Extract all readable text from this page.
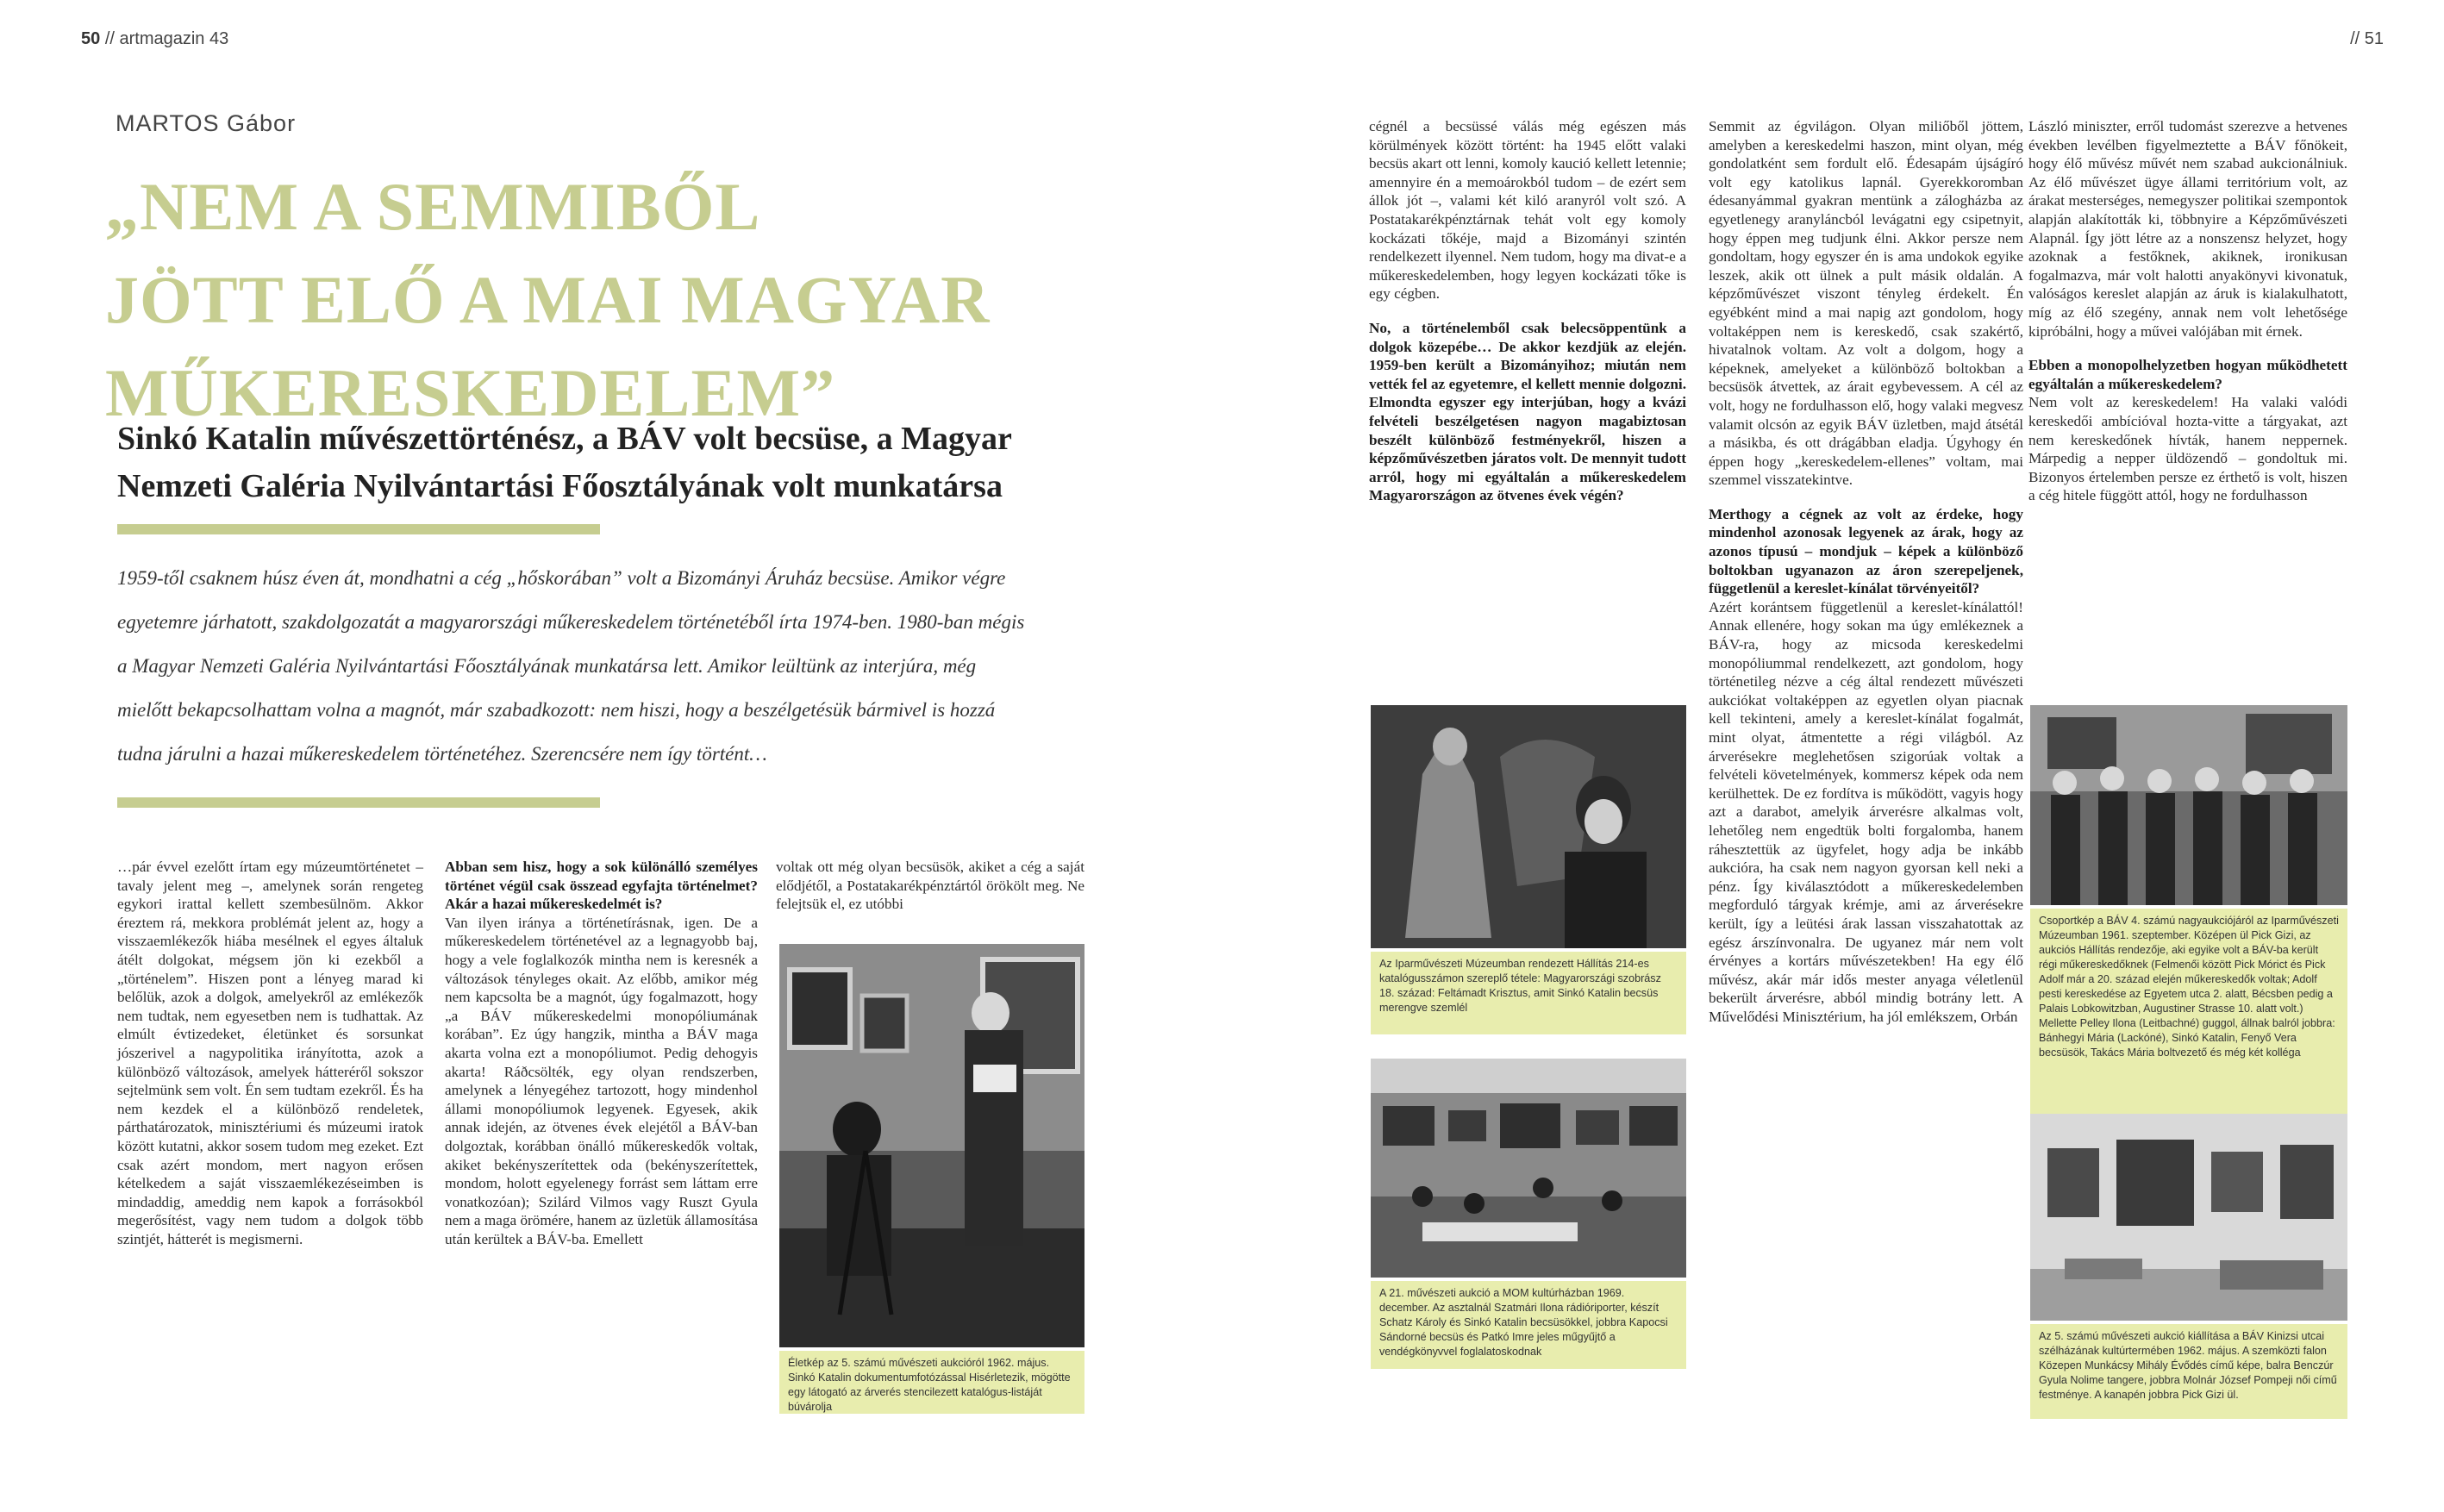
50 // artmagazin 43
MARTOS Gábor
„NEM A SEMMIBŐL
JÖTT ELŐ A MAI MAGYAR
MŰKERESKEDELEM”
Sinkó Katalin művészettörténész, a BÁV volt becsüse, a Magyar Nemzeti Galéria Nyilvántartási Főosztályának volt munkatársa
1959-től csaknem húsz éven át, mondhatni a cég „hőskorában” volt a Bizományi Áruház becsüse. Amikor végre egyetemre járhatott, szakdolgozatát a magyarországi műkereskedelem történetéből írta 1974-ben. 1980-ban mégis a Magyar Nemzeti Galéria Nyilvántartási Főosztályának munkatársa lett. Amikor leültünk az interjúra, még mielőtt bekapcsolhattam volna a magnót, már szabadkozott: nem hiszi, hogy a beszélgetésük bármivel is hozzá tudna járulni a hazai műkereskedelem történetéhez. Szerencsére nem így történt…

…pár évvel ezelőtt írtam egy múzeumtörténetet – tavaly jelent meg –, amelynek során rengeteg egykori irattal kellett szembesülnöm. Akkor éreztem rá, mekkora problémát jelent az, hogy a visszaemlékezők hiába mesélnek el egyes általuk átélt dolgokat, mégsem jön ki ezekből a „történelem”. Hiszen pont a lényeg marad ki belőlük, azok a dolgok, amelyekről az emlékezők nem tudtak, nem egyesetben nem is tudhattak. Az elmúlt évtizedeket, életünket és sorsunkat jószerivel a nagypolitika irányította, azok a különböző változások, amelyek hátteréről sokszor sejtelmünk sem volt. Én sem tudtam ezekről. És ha nem kezdek el a különböző rendeletek, párthatározatok, minisztériumi és múzeumi iratok között kutatni, akkor sosem tudom meg ezeket. Ezt csak azért mondom, mert nagyon erősen kételkedem a saját visszaemlékezéseimben is mindaddig, ameddig nem kapok a forrásokból megerősítést, vagy nem tudom a dolgok több szintjét, hátterét is megismerni.

Abban sem hisz, hogy a sok különálló személyes történet végül csak összead egyfajta történelmet? Akár a hazai műkereskedelmét is?

Van ilyen iránya a történetírásnak, igen. De a műkereskedelem történetével az a legnagyobb baj, hogy a vele foglalkozók mintha nem is keresnék a változások tényleges okait. Az előbb, amikor még nem kapcsolta be a magnót, úgy fogalmazott, hogy „a BÁV műkereskedelmi monopóliumának korában”. Ez úgy hangzik, mintha a BÁV maga akarta volna ezt a monopóliumot. Pedig dehogyis akarta! Ráðcsölték, egy olyan rendszerben, amelynek a lényegéhez tartozott, hogy mindenhol állami monopóliumok legyenek. Egyesek, akik annak idején, az ötvenes évek elejétől a BÁV-ban dolgoztak, korábban önálló műkereskedők voltak, akiket bekényszerítettek oda (bekényszerítettek, mondom, holott egyelenegy forrást sem láttam erre vonatkozóan); Szilárd Vilmos vagy Ruszt Gyula nem a maga örömére, hanem az üzletük államosítása után kerültek a BÁV-ba. Emellett

voltak ott még olyan becsüsök, akiket a cég a saját elődjétől, a Postatakarékpénztártól örökölt meg. Ne felejtsük el, ez utóbbi

Életkép az 5. számú művészeti aukcióról 1962. május. Sinkó Katalin dokumentumfotózással Hisérletezik, mögötte egy látogató az árverés stencilezett katalógus-listáját búvárolja
// 51

cégnél a becsüssé válás még egészen más körülmények között történt: ha 1945 előtt valaki becsüs akart ott lenni, komoly kaució kellett letennie; amennyire én a memoárokból tudom – de ezért sem állok jót –, valami két kiló aranyról volt szó. A Postatakarékpénztárnak tehát volt egy komoly kockázati tőkéje, majd a Bizományi szintén rendelkezett ilyennel. Nem tudom, hogy ma divat-e a műkereskedelemben, hogy legyen kockázati tőke is egy cégben.

No, a történelemből csak belecsöppentünk a dolgok közepébe… De akkor kezdjük az elején. 1959-ben került a Bizományihoz; miután nem vették fel az egyetemre, el kellett mennie dolgozni. Elmondta egyszer egy interjúban, hogy a kvázi felvételi beszélgetésen nagyon magabiztosan beszélt különböző festményekről, hiszen a képzőművészetben járatos volt. De mennyit tudott arról, hogy mi egyáltalán a műkereskedelem Magyarországon az ötvenes évek végén?

Az Iparművészeti Múzeumban rendezett Hállítás 214-es katalógusszámon szereplő tétele: Magyarországi szobrász 18. század: Feltámadt Krisztus, amit Sinkó Katalin becsüs merengve szemlél
A 21. művészeti aukció a MOM kultúrházban 1969. december. Az asztalnál Szatmári Ilona rádióriporter, készít Schatz Károly és Sinkó Katalin becsüsökkel, jobbra Kapocsi Sándorné becsüs és Patkó Imre jeles műgyűjtő a vendégkönyvvel foglalatoskodnak

Semmit az égvilágon. Olyan miliőből jöttem, amelyben a kereskedelmi haszon, mint olyan, még gondolatként sem fordult elő. Édesapám újságíró volt egy katolikus lapnál. Gyerekkoromban édesanyámmal gyakran mentünk a zálogházba az egyetlenegy aranyláncból levágatni egy csipetnyit, hogy éppen meg tudjunk élni. Akkor persze nem gondoltam, hogy egyszer én is ama undokok egyike leszek, akik ott ülnek a pult másik oldalán. A képzőművészet viszont tényleg érdekelt. Én egyébként mind a mai napig azt gondolom, hogy voltaképpen nem is kereskedő, csak szakértő, hivatalnok voltam. Az volt a dolgom, hogy a képeknek, amelyeket a különböző boltokban a becsüsök átvettek, az árait egybevessem. A cél az volt, hogy ne fordulhasson elő, hogy valaki megvesz valamit olcsón az egyik BÁV üzletben, majd átsétál a másikba, és ott drágábban eladja. Úgyhogy én éppen hogy „kereskedelem-ellenes” voltam, mai szemmel visszatekintve.

Merthogy a cégnek az volt az érdeke, hogy mindenhol azonosak legyenek az árak, hogy az azonos típusú – mondjuk – képek a különböző boltokban ugyanazon az áron szerepeljenek, függetlenül a kereslet-kínálat törvényeitől?

Azért korántsem függetlenül a kereslet-kínálattól! Annak ellenére, hogy sokan ma úgy emlékeznek a BÁV-ra, hogy az micsoda kereskedelmi monopóliummal rendelkezett, azt gondolom, hogy történetileg nézve a cég által rendezett művészeti aukciókat voltaképpen az egyetlen olyan piacnak kell tekinteni, amely a kereslet-kínálat fogalmát, mint olyat, átmentette a régi világból. Az árverésekre meglehetősen szigorúak voltak a felvételi követelmények, kommersz képek oda nem kerülhettek. De ez fordítva is működött, vagyis hogy azt a darabot, amelyik árverésre alkalmas volt, lehetőleg nem engedtük bolti forgalomba, hanem ráhesztettük az ügyfelet, hogy adja be inkább aukcióra, ha csak nem nagyon gyorsan kell neki a pénz. Így kiválasztódott a műkereskedelemben megforduló tárgyak krémje, ami az árverésekre került, így a leütési árak lassan visszahatottak az egész árszínvonalra. De ugyanez már nem volt érvényes a kortárs művészetekben! Ha egy élő művész, akár már idős mester anyaga véletlenül bekerült árverésre, abból mindig botrány lett. A Művelődési Minisztérium, ha jól emlékszem, Orbán

László miniszter, erről tudomást szerezve a hetvenes években levélben figyelmeztette a BÁV főnökeit, hogy élő művész művét nem szabad aukcionálniuk. Az élő művészet ügye állami territórium volt, az árakat mesterséges, nemegyszer politikai szempontok alapján alakították ki, többnyire a Képzőművészeti Alapnál. Így jött létre az a nonszensz helyzet, hogy azoknak a festőknek, akiknek, ironikusan fogalmazva, már volt halotti anyakönyvi kivonatuk, valóságos kereslet alapján az áruk is kialakulhatott, míg az élő szegény, annak nem volt lehetősége kipróbálni, hogy a művei valójában mit érnek.

Ebben a monopolhelyzetben hogyan működhetett egyáltalán a műkereskedelem?

Nem volt az kereskedelem! Ha valaki valódi kereskedői ambícióval hozta-vitte a tárgyakat, azt nem kereskedőnek hívták, hanem neppernek. Márpedig a nepper üldözendő – gondoltuk mi. Bizonyos értelemben persze ez érthető is volt, hiszen a cég hitele függött attól, hogy ne fordulhasson

Csoportkép a BÁV 4. számú nagyaukciójáról az Iparművészeti Múzeumban 1961. szeptember. Középen ül Pick Gizi, az aukciós Hállítás rendezője, aki egyike volt a BÁV-ba került régi műkereskedőknek (Felmenői között Pick Mórict és Pick Adolf már a 20. század elején műkereskedők voltak; Adolf pesti kereskedése az Egyetem utca 2. alatt, Bécsben pedig a Palais Lobkowitzban, Augustiner Strasse 10. alatt volt.) Mellette Pelley Ilona (Leitbachné) guggol, állnak balról jobbra: Bánhegyi Mária (Lackóné), Sinkó Katalin, Fenyő Vera becsüsök, Takács Mária boltvezető és még két kolléga
Az 5. számú művészeti aukció kiállítása a BÁV Kinizsi utcai szélházának kultúrtermében 1962. május. A szemközti falon Közepen Munkácsy Mihály Évődés című képe, balra Benczúr Gyula Nolime tangere, jobbra Molnár József Pompeji női című festménye. A kanapén jobbra Pick Gizi ül.
